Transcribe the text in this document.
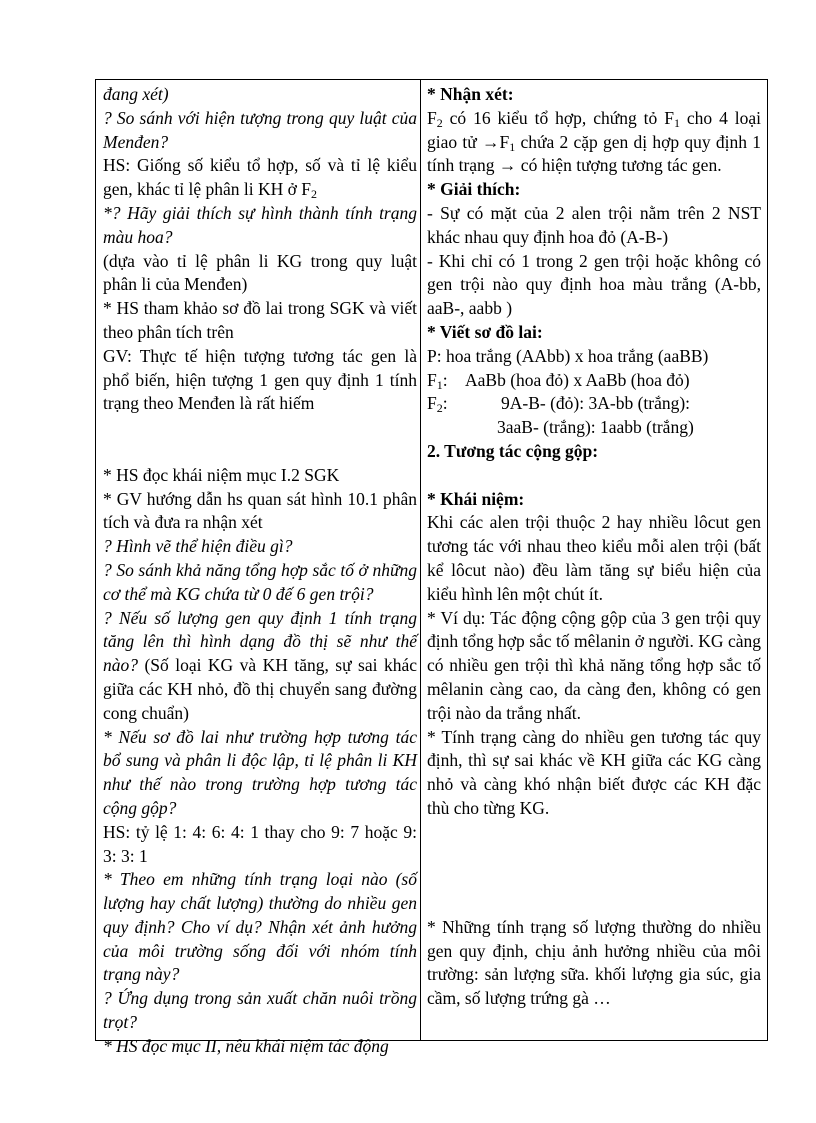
đang xét)

? So sánh với hiện tượng trong quy luật của Menđen?

HS: Giống số kiểu tổ hợp, số và tỉ lệ kiểu gen, khác tỉ lệ phân li KH ở $F_2$

*? Hãy giải thích sự hình thành tính trạng màu hoa?

(dựa vào tỉ lệ phân li KG trong quy luật phân li của Menđen)

* HS tham khảo sơ đồ lai trong SGK và viết theo phân tích trên

GV: Thực tế hiện tượng tương tác gen là phổ biến, hiện tượng 1 gen quy định 1 tính trạng theo Menđen là rất hiếm

* HS đọc khái niệm mục I.2 SGK

* GV hướng dẫn hs quan sát hình 10.1 phân tích và đưa ra nhận xét

? Hình vẽ thể hiện điều gì?

? So sánh khả năng tổng hợp sắc tố ở những cơ thể mà KG chứa từ 0 đế 6 gen trội?

? Nếu số lượng gen quy định 1 tính trạng tăng lên thì hình dạng đồ thị sẽ như thế nào? (Số loại KG và KH tăng, sự sai khác giữa các KH nhỏ, đồ thị chuyển sang đường cong chuẩn)

* Nếu sơ đồ lai như trường hợp tương tác bổ sung và phân li độc lập, tỉ lệ phân li KH như thế nào trong trường hợp tương tác cộng gộp?

HS: tỷ lệ 1: 4: 6: 4: 1 thay cho 9: 7 hoặc 9: 3: 3: 1

* Theo em những tính trạng loại nào (số lượng hay chất lượng) thường do nhiều gen quy định? Cho ví dụ? Nhận xét ảnh hưởng của môi trường sống đối với nhóm tính trạng này?

? Ứng dụng trong sản xuất chăn nuôi trồng trọt?

* HS đọc mục II, nêu khái niệm tác động

* Nhận xét:

$F_2$ có 16 kiểu tổ hợp, chứng tỏ $F_1$ cho 4 loại giao tử $\to F_1$ chứa 2 cặp gen dị hợp quy định 1 tính trạng → có hiện tượng tương tác gen.

* Giải thích:

- Sự có mặt của 2 alen trội nằm trên 2 NST khác nhau quy định hoa đỏ (A-B-)

- Khi chỉ có 1 trong 2 gen trội hoặc không có gen trội nào quy định hoa màu trắng (A-bb, aaB-, aabb )

* Viết sơ đồ lai:

P: hoa trắng (AAbb) x hoa trắng (aaBB)

$F_1$: AaBb (hoa đỏ) x AaBb (hoa đỏ)

$F_2$:	9A-B- (đỏ): 3A-bb (trắng):

3aaB- (trắng): 1aabb (trắng)

2. Tương tác cộng gộp:

* Khái niệm:

Khi các alen trội thuộc 2 hay nhiều lôcut gen tương tác với nhau theo kiểu mỗi alen trội (bất kể lôcut nào) đều làm tăng sự biểu hiện của kiểu hình lên một chút ít.

* Ví dụ: Tác động cộng gộp của 3 gen trội quy định tổng hợp sắc tố mêlanin ở người. KG càng có nhiều gen trội thì khả năng tổng hợp sắc tố mêlanin càng cao, da càng đen, không có gen trội nào da trắng nhất.

* Tính trạng càng do nhiều gen tương tác quy định, thì sự sai khác về KH giữa các KG càng nhỏ và càng khó nhận biết được các KH đặc thù cho từng KG.

* Những tính trạng số lượng thường do nhiều gen quy định, chịu ảnh hưởng nhiều của môi trường: sản lượng sữa. khối lượng gia súc, gia cầm, số lượng trứng gà …
